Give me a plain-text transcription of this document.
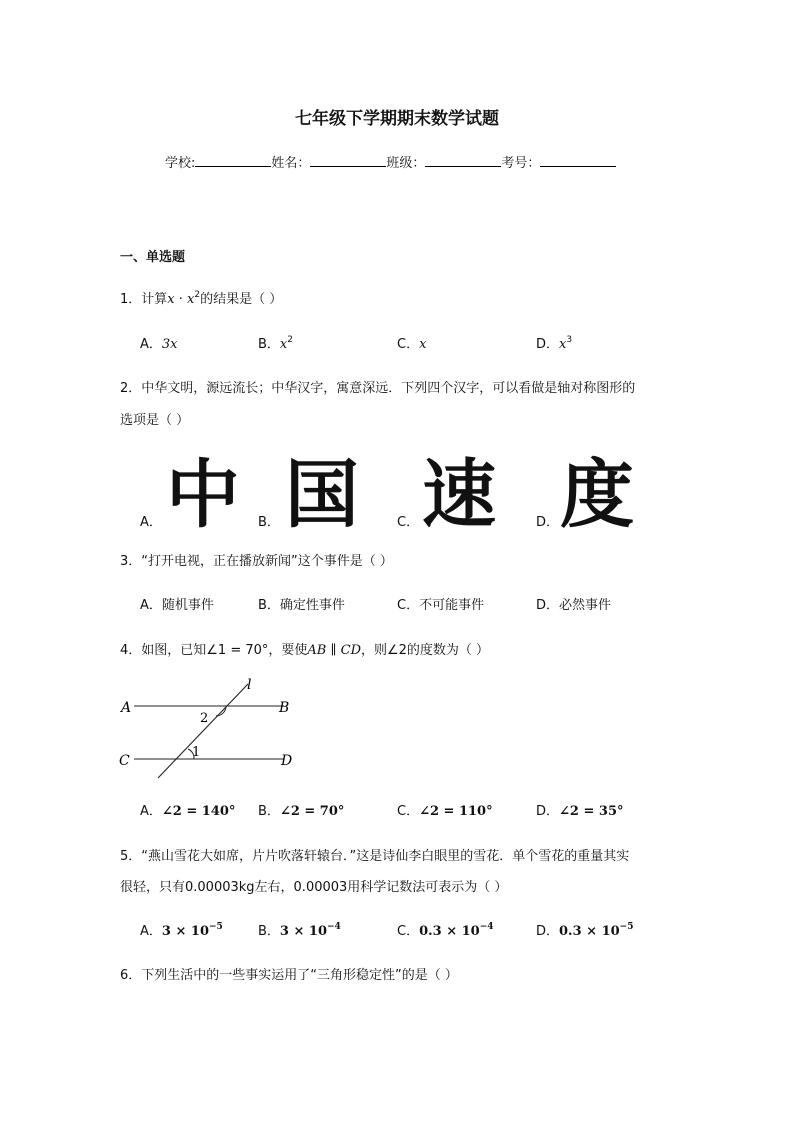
七年级下学期期末数学试题
学校:	姓名：	班级：	考号：
一、单选题
1．计算$x \cdot x^2$的结果是（ ）
A．3x	B．$x^2$	C．x	D．$x^3$
2．中华文明，源远流长；中华汉字，寓意深远．下列四个汉字，可以看做是轴对称图形的
选项是（ ）
A． 中 B． 国	C． 速	D． 度
3．“打开电视，正在播放新闻”这个事件是（ ）
A．随机事件	B．确定性事件	C．不可能事件	D．必然事件
4．如图，已知∠1 = 70°，要使AB ∥ CD，则∠2的度数为（ ）
A	B
C	D
l
2
1
A．∠2 = 140° B．∠2 = 70°	C．∠2 = 110°	D．∠2 = 35°
5．“燕山雪花大如席，片片吹落轩辕台．”这是诗仙李白眼里的雪花．单个雪花的重量其实
很轻，只有0.00003kg左右，0.00003用科学记数法可表示为（ ）
A．$3 \times 10^{-5}$	B．$3 \times 10^{-4}$	C．$0.3 \times 10^{-4}$	D．$0.3 \times 10^{-5}$
6．下列生活中的一些事实运用了“三角形稳定性”的是（ ）
